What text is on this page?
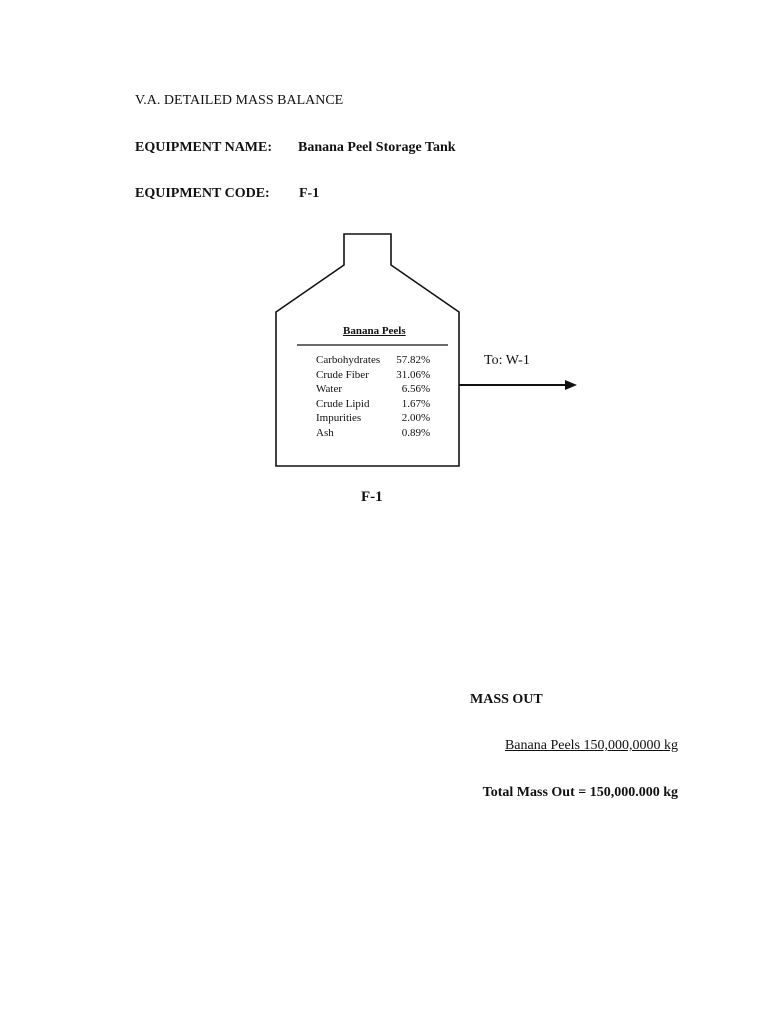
V.A. DETAILED MASS BALANCE
EQUIPMENT NAME: Banana Peel Storage Tank
EQUIPMENT CODE: F-1
Banana Peels
Carbohydrates	57.82%
Crude Fiber	31.06%
Water	6.56%
Crude Lipid	1.67%
Impurities	2.00%
Ash	0.89%
To: W-1
F-1
MASS OUT
Banana Peels 150,000,0000 kg
Total Mass Out = 150,000.000 kg
